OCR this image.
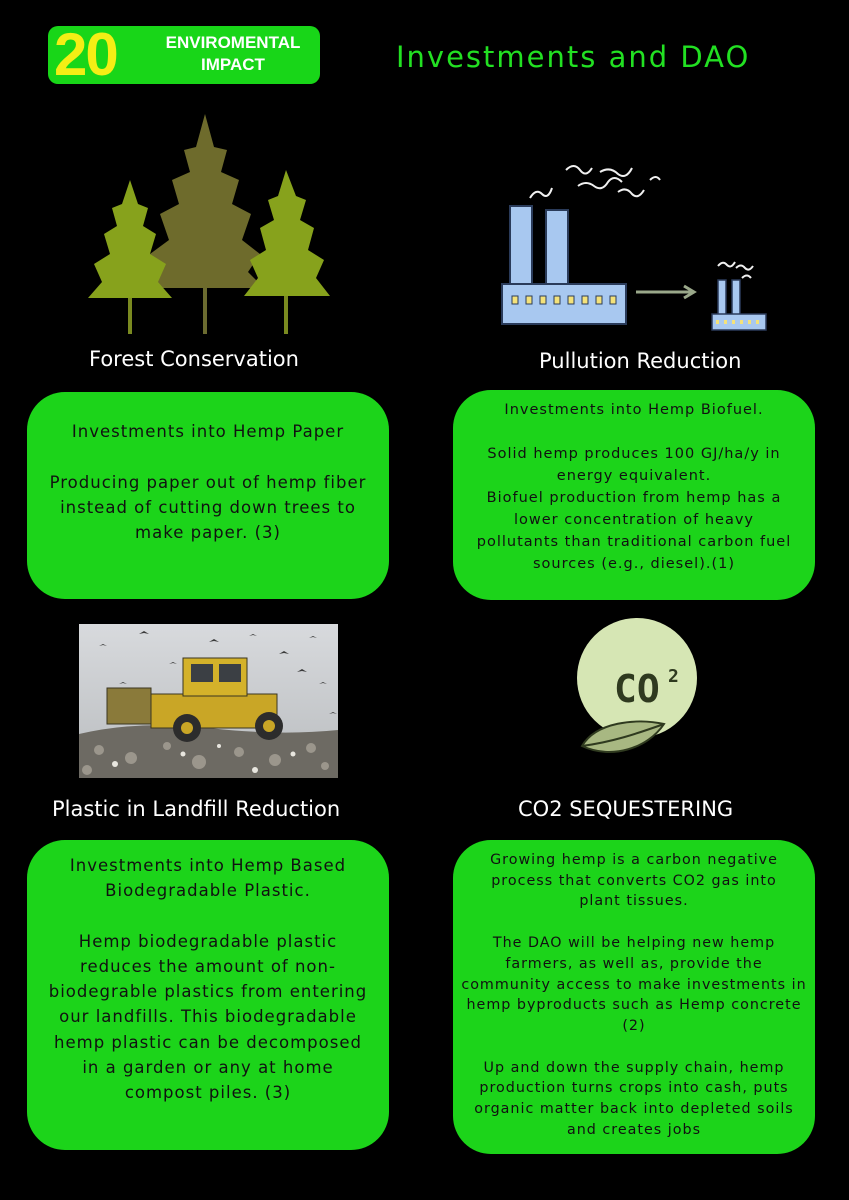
20	ENVIROMENTAL
IMPACT	Investments and DAO
Forest Conservation	Pullution Reduction

Investments into Hemp Paper

Producing paper out of hemp fiber instead of cutting down trees to make paper. (3)

Investments into Hemp Biofuel.

Solid hemp produces 100 GJ/ha/y in energy equivalent.

Biofuel production from hemp has a lower concentration of heavy pollutants than traditional carbon fuel sources (e.g., diesel).(1)

Plastic in Landfill Reduction
CO 2
CO2 SEQUESTERING

Investments into Hemp Based Biodegradable Plastic.

Hemp biodegradable plastic reduces the amount of non-biodegrable plastics from entering our landfills. This biodegradable hemp plastic can be decomposed in a garden or any at home compost piles. (3)

Growing hemp is a carbon negative process that converts CO2 gas into plant tissues.

The DAO will be helping new hemp farmers, as well as, provide the community access to make investments in hemp byproducts such as Hemp concrete (2)

Up and down the supply chain, hemp production turns crops into cash, puts organic matter back into depleted soils and creates jobs
